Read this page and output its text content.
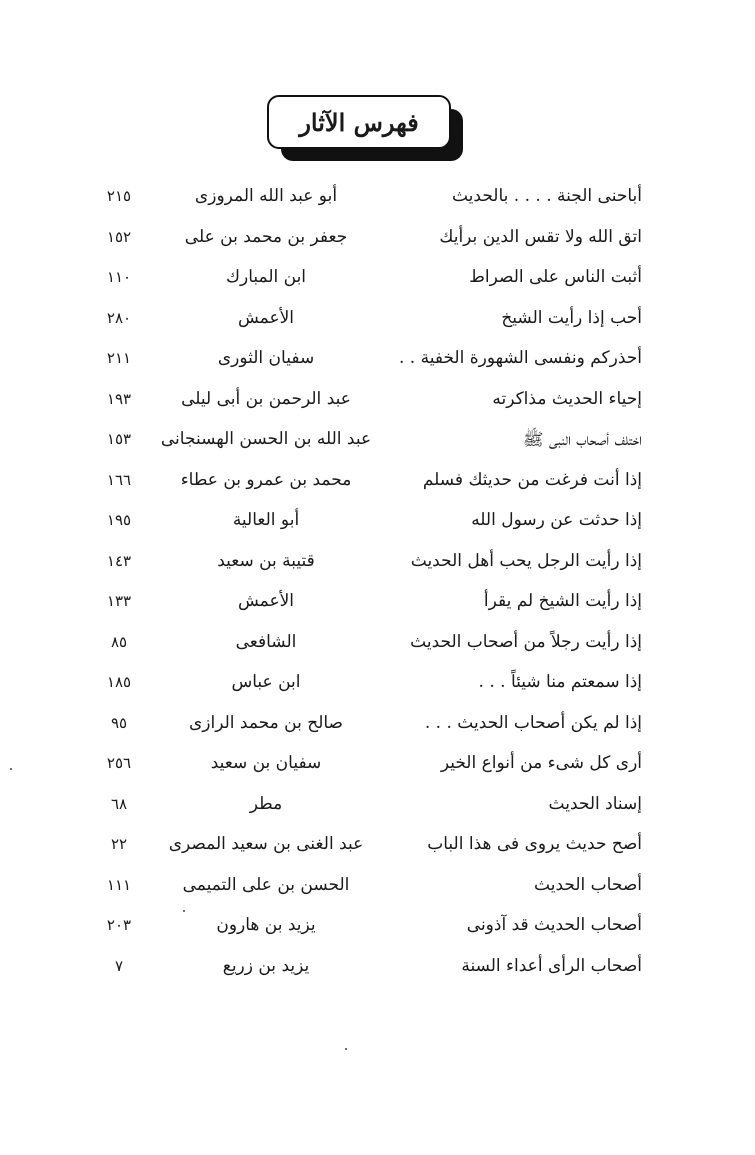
فهرس الآثار
أباحنى الجنة . . . . بالحديث
أبو عبد الله المروزى
٢١٥
اتق الله ولا تقس الدين برأيك
جعفر بن محمد بن على
١٥٢
أثبت الناس على الصراط
ابن المبارك
١١٠
أحب إذا رأيت الشيخ
الأعمش
٢٨٠
أحذركم ونفسى الشهورة الخفية . .
سفيان الثورى
٢١١
إحياء الحديث مذاكرته
عبد الرحمن بن أبى ليلى
١٩٣
اختلف أصحاب النبى ﷺ
عبد الله بن الحسن الهسنجانى
١٥٣
إذا أنت فرغت من حديثك فسلم
محمد بن عمرو بن عطاء
١٦٦
إذا حدثت عن رسول الله
أبو العالية
١٩٥
إذا رأيت الرجل يحب أهل الحديث
قتيبة بن سعيد
١٤٣
إذا رأيت الشيخ لم يقرأ
الأعمش
١٣٣
إذا رأيت رجلاً من أصحاب الحديث
الشافعى
٨٥
إذا سمعتم منا شيئاً . . .
ابن عباس
١٨٥
إذا لم يكن أصحاب الحديث . . .
صالح بن محمد الرازى
٩٥
أرى كل شىء من أنواع الخير
سفيان بن سعيد
٢٥٦
إسناد الحديث
مطر
٦٨
أصح حديث يروى فى هذا الباب
عبد الغنى بن سعيد المصرى
٢٢
أصحاب الحديث
الحسن بن على التميمى
١١١
أصحاب الحديث قد آذونى
يزيد بن هارون
٢٠٣
أصحاب الرأى أعداء السنة
يزيد بن زريع
٧
